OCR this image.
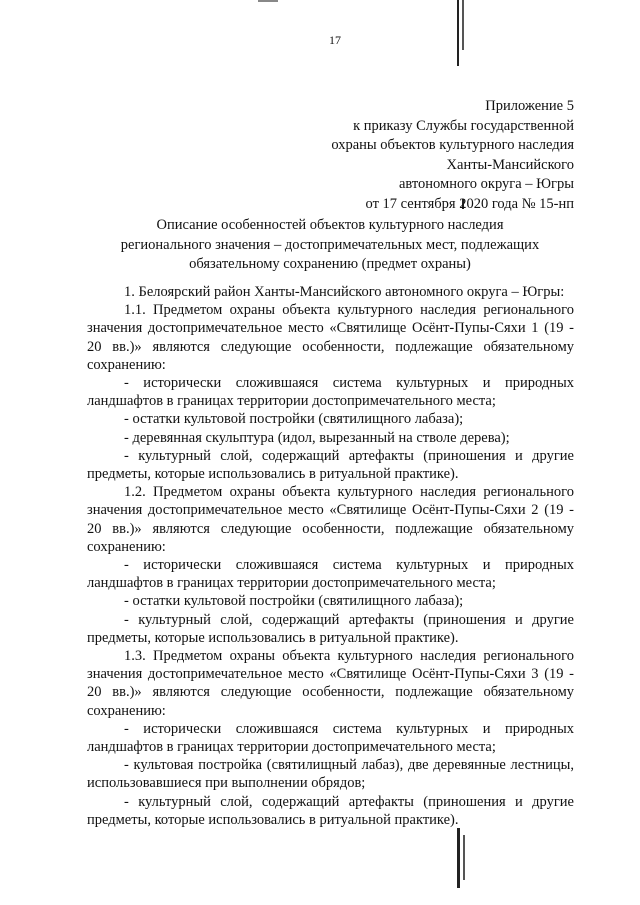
17
Приложение 5
к приказу Службы государственной
охраны объектов культурного наследия
Ханты-Мансийского
автономного округа – Югры
от 17 сентября 2020 года № 15-нп
Описание особенностей объектов культурного наследия
регионального значения – достопримечательных мест, подлежащих
обязательному сохранению (предмет охраны)

1. Белоярский район Ханты-Мансийского автономного округа – Югры:

1.1. Предметом охраны объекта культурного наследия регионального значения достопримечательное место «Святилище Осёнт-Пупы-Сяхи 1 (19 - 20 вв.)» являются следующие особенности, подлежащие обязательному сохранению:

- исторически сложившаяся система культурных и природных ландшафтов в границах территории достопримечательного места;

- остатки культовой постройки (святилищного лабаза);

- деревянная скульптура (идол, вырезанный на стволе дерева);

- культурный слой, содержащий артефакты (приношения и другие предметы, которые использовались в ритуальной практике).

1.2. Предметом охраны объекта культурного наследия регионального значения достопримечательное место «Святилище Осёнт-Пупы-Сяхи 2 (19 - 20 вв.)» являются следующие особенности, подлежащие обязательному сохранению:

- исторически сложившаяся система культурных и природных ландшафтов в границах территории достопримечательного места;

- остатки культовой постройки (святилищного лабаза);

- культурный слой, содержащий артефакты (приношения и другие предметы, которые использовались в ритуальной практике).

1.3. Предметом охраны объекта культурного наследия регионального значения достопримечательное место «Святилище Осёнт-Пупы-Сяхи 3 (19 - 20 вв.)» являются следующие особенности, подлежащие обязательному сохранению:

- исторически сложившаяся система культурных и природных ландшафтов в границах территории достопримечательного места;

- культовая постройка (святилищный лабаз), две деревянные лестницы, использовавшиеся при выполнении обрядов;

- культурный слой, содержащий артефакты (приношения и другие предметы, которые использовались в ритуальной практике).
